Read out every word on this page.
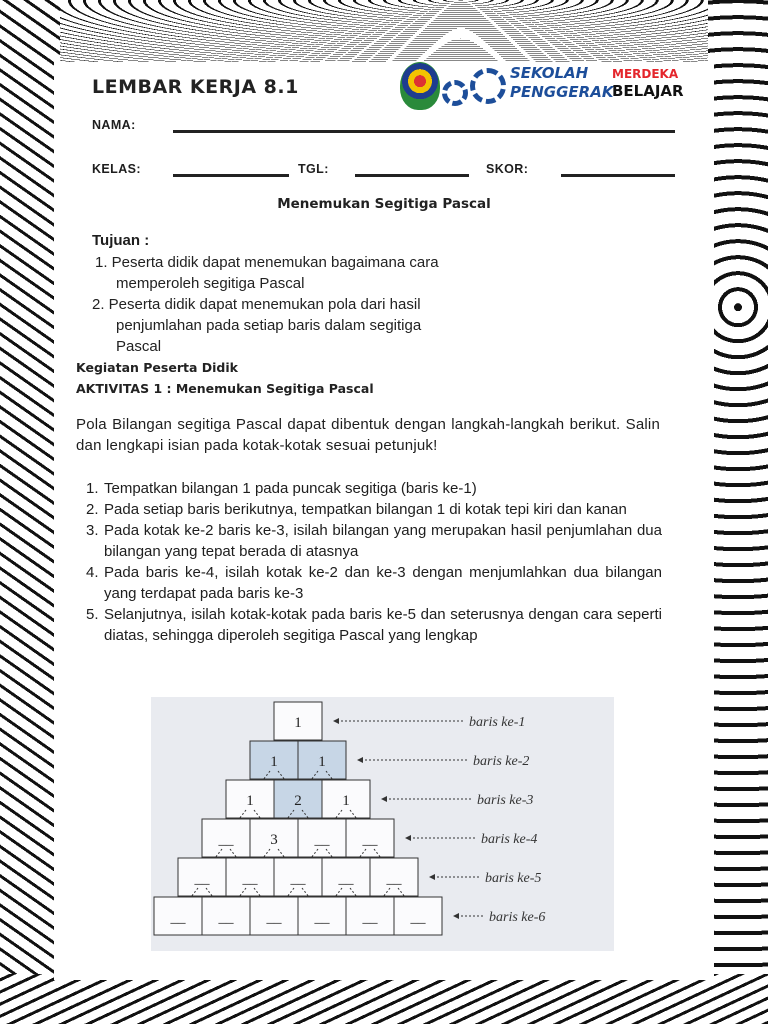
LEMBAR KERJA 8.1
SEKOLAH
PENGGERAK
MERDEKA
BELAJAR
NAMA:
KELAS:	TGL:	SKOR:
Menemukan Segitiga Pascal
Tujuan :
1. Peserta didik dapat menemukan bagaimana cara
memperoleh segitiga Pascal
2. Peserta didik dapat menemukan pola dari hasil
penjumlahan pada setiap baris dalam segitiga
Pascal
Kegiatan Peserta Didik
AKTIVITAS 1 : Menemukan Segitiga Pascal
Pola Bilangan segitiga Pascal dapat dibentuk dengan langkah-langkah berikut. Salin dan lengkapi isian pada kotak-kotak sesuai petunjuk!
1. Tempatkan bilangan 1 pada puncak segitiga (baris ke-1)
2. Pada setiap baris berikutnya, tempatkan bilangan 1 di kotak tepi kiri dan kanan
3. Pada kotak ke-2 baris ke-3, isilah bilangan yang merupakan hasil penjumlahan dua bilangan yang tepat berada di atasnya
4. Pada baris ke-4, isilah kotak ke-2 dan ke-3 dengan menjumlahkan dua bilangan yang terdapat pada baris ke-3
5. Selanjutnya, isilah kotak-kotak pada baris ke-5 dan seterusnya dengan cara seperti diatas, sehingga diperoleh segitiga Pascal yang lengkap
1	baris ke-1
1	1	baris ke-2
1	2	1	baris ke-3
__ 3 __ __	baris ke-4
__ __ __ __ __	baris ke-5
__ __ __ __ __ __	baris ke-6
